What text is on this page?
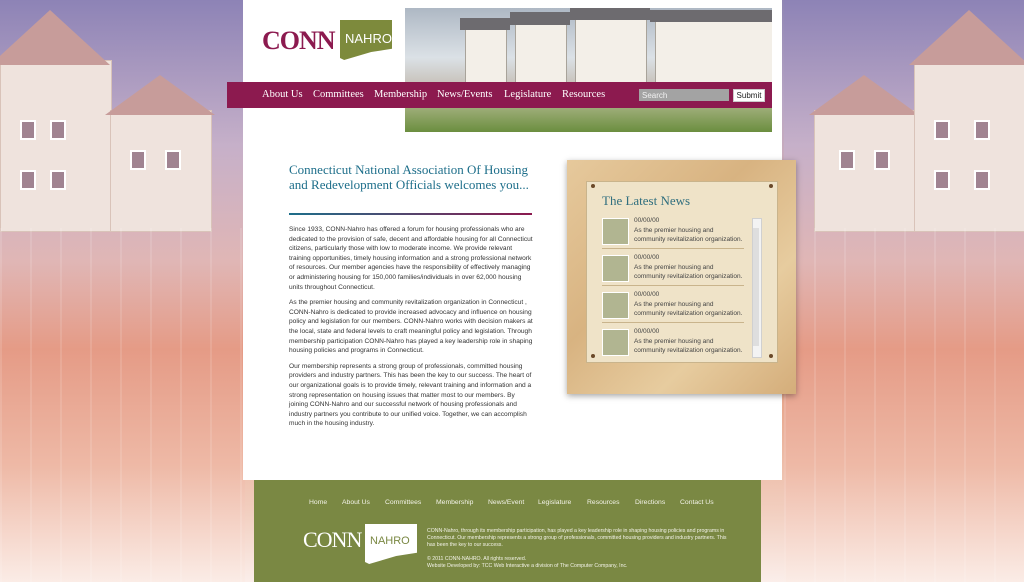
CONN NAHRO
About Us Committees Membership News/Events Legislature Resources
Search	Submit
Connecticut National Association Of Housing and Redevelopment Officials welcomes you...

Since 1933, CONN-Nahro has offered a forum for housing professionals who are dedicated to the provision of safe, decent and affordable housing for all Connecticut citizens, particularly those with low to moderate income. We provide relevant training opportunities, timely housing information and a strong professional network of resources. Our member agencies have the responsibility of effectively managing or administering housing for 150,000 families/individuals in over 62,000 housing units throughout Connecticut.

As the premier housing and community revitalization organization in Connecticut , CONN-Nahro is dedicated to provide increased advocacy and influence on housing policy and legislation for our members. CONN-Nahro works with decision makers at the local, state and federal levels to craft meaningful policy and legislation. Through membership participation CONN-Nahro has played a key leadership role in shaping housing policies and programs in Connecticut.

Our membership represents a strong group of professionals, committed housing providers and industry partners. This has been the key to our success. The heart of our organizational goals is to provide timely, relevant training and information and a strong representation on housing issues that matter most to our members. By joining CONN-Nahro and our successful network of housing professionals and industry partners you contribute to our unified voice. Together, we can accomplish much in the housing industry.

The Latest News
00/00/00
As the premier housing and community revitalization organization.
00/00/00
As the premier housing and community revitalization organization.
00/00/00
As the premier housing and community revitalization organization.
00/00/00
As the premier housing and community revitalization organization.
Home About Us Committees Membership News/Event Legislature Resources Directions Contact Us
CONN NAHRO
CONN-Nahro, through its membership participation, has played a key leadership role in shaping housing policies and programs in Connecticut. Our membership represents a strong group of professionals, committed housing providers and industry partners. This has been the key to our success.
© 2011 CONN-NAHRO. All rights reserved.
Website Developed by: TCC Web Interactive a division of The Computer Company, Inc.
